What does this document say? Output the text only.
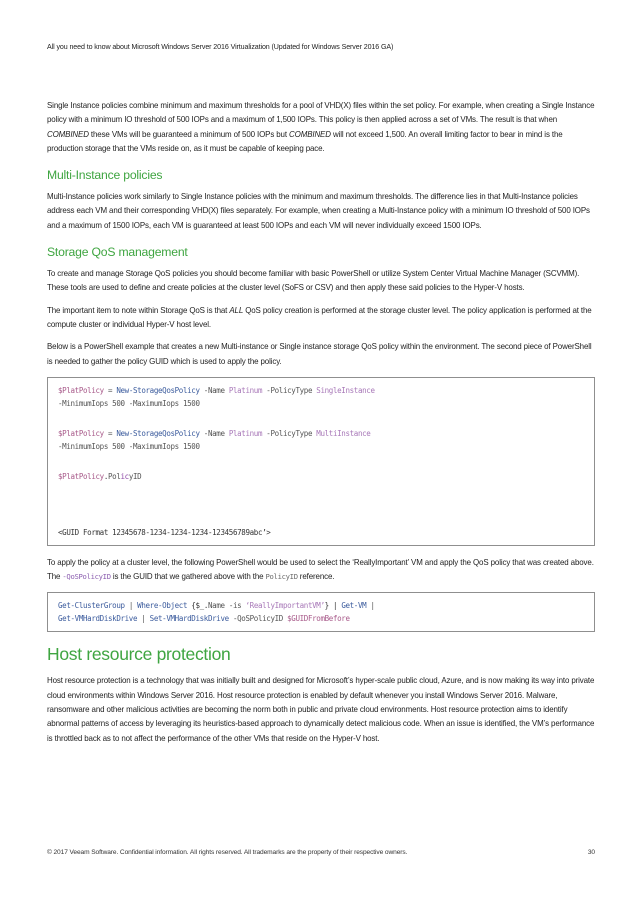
All you need to know about Microsoft Windows Server 2016 Virtualization (Updated for Windows Server 2016 GA)

Single Instance policies combine minimum and maximum thresholds for a pool of VHD(X) files within the set policy. For example, when creating a Single Instance policy with a minimum IO threshold of 500 IOPs and a maximum of 1,500 IOPs. This policy is then applied across a set of VMs. The result is that when COMBINED these VMs will be guaranteed a minimum of 500 IOPs but COMBINED will not exceed 1,500. An overall limiting factor to bear in mind is the production storage that the VMs reside on, as it must be capable of keeping pace.

Multi-Instance policies

Multi-Instance policies work similarly to Single Instance policies with the minimum and maximum thresholds. The difference lies in that Multi-Instance policies address each VM and their corresponding VHD(X) files separately. For example, when creating a Multi-Instance policy with a minimum IO threshold of 500 IOPs and a maximum of 1500 IOPs, each VM is guaranteed at least 500 IOPs and each VM will never individually exceed 1500 IOPs.

Storage QoS management

To create and manage Storage QoS policies you should become familiar with basic PowerShell or utilize System Center Virtual Machine Manager (SCVMM). These tools are used to define and create policies at the cluster level (SoFS or CSV) and then apply these said policies to the Hyper-V hosts.

The important item to note within Storage QoS is that ALL QoS policy creation is performed at the storage cluster level. The policy application is performed at the compute cluster or individual Hyper-V host level.

Below is a PowerShell example that creates a new Multi-instance or Single instance storage QoS policy within the environment. The second piece of PowerShell is needed to gather the policy GUID which is used to apply the policy.

$PlatPolicy = New-StorageQosPolicy -Name Platinum -PolicyType SingleInstance
-MinimumIops 500 -MaximumIops 1500
$PlatPolicy = New-StorageQosPolicy -Name Platinum -PolicyType MultiInstance
-MinimumIops 500 -MaximumIops 1500
$PlatPolicy.PolicyID
<GUID Format 12345678-1234-1234-1234-123456789abc’>

To apply the policy at a cluster level, the following PowerShell would be used to select the ‘ReallyImportant’ VM and apply the QoS policy that was created above. The -QoSPolicyID is the GUID that we gathered above with the PolicyID reference.

Get-ClusterGroup | Where-Object {$_.Name -is ‘ReallyImportantVM’} | Get-VM |
Get-VMHardDiskDrive | Set-VMHardDiskDrive -QoSPolicyID $GUIDFromBefore
Host resource protection

Host resource protection is a technology that was initially built and designed for Microsoft’s hyper-scale public cloud, Azure, and is now making its way into private cloud environments within Windows Server 2016. Host resource protection is enabled by default whenever you install Windows Server 2016. Malware, ransomware and other malicious activities are becoming the norm both in public and private cloud environments. Host resource protection aims to identify abnormal patterns of access by leveraging its heuristics-based approach to dynamically detect malicious code. When an issue is identified, the VM’s performance is throttled back as to not affect the performance of the other VMs that reside on the Hyper-V host.

© 2017 Veeam Software. Confidential information. All rights reserved. All trademarks are the property of their respective owners.	30
